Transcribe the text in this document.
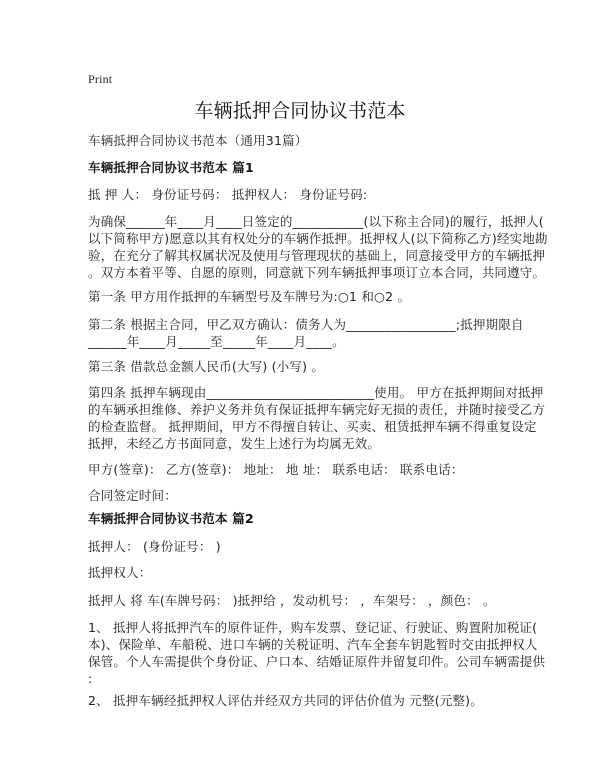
Print
车辆抵押合同协议书范本
车辆抵押合同协议书范本（通用31篇）
车辆抵押合同协议书范本 篇1
抵 押 人： 身份证号码： 抵押权人： 身份证号码:
为确保______年____月____日签定的___________(以下称主合同)的履行，抵押人(
以下简称甲方)愿意以其有权处分的车辆作抵押。抵押权人(以下简称乙方)经实地勘
验，在充分了解其权属状况及使用与管理现状的基础上，同意接受甲方的车辆抵押
。双方本着平等、自愿的原则，同意就下列车辆抵押事项订立本合同，共同遵守。
第一条 甲方用作抵押的车辆型号及车牌号为:○1 和○2 。
第二条 根据主合同，甲乙双方确认：债务人为_________________;抵押期限自
______年____月_____至_____年____月____。
第三条 借款总金额人民币(大写) (小写) 。
第四条 抵押车辆现由__________________________使用。 甲方在抵押期间对抵押
的车辆承担维修、养护义务并负有保证抵押车辆完好无损的责任，并随时接受乙方
的检查监督。 抵押期间，甲方不得擅自转让、买卖、租赁抵押车辆不得重复设定
抵押，未经乙方书面同意，发生上述行为均属无效。
甲方(签章)： 乙方(签章)： 地址： 地 址： 联系电话： 联系电话：
合同签定时间：
车辆抵押合同协议书范本 篇2
抵押人： (身份证号： )
抵押权人：
抵押人 将 车(车牌号码： )抵押给 ，发动机号： ，车架号： ，颜色： 。
1、 抵押人将抵押汽车的原件证件，购车发票、登记证、行驶证、购置附加税证(
本)、保险单、车船税、进口车辆的关税证明、汽车全套车钥匙暂时交由抵押权人
保管。个人车需提供个身份证、户口本、结婚证原件并留复印件。公司车辆需提供
:
2、 抵押车辆经抵押权人评估并经双方共同的评估价值为 元整(元整)。
